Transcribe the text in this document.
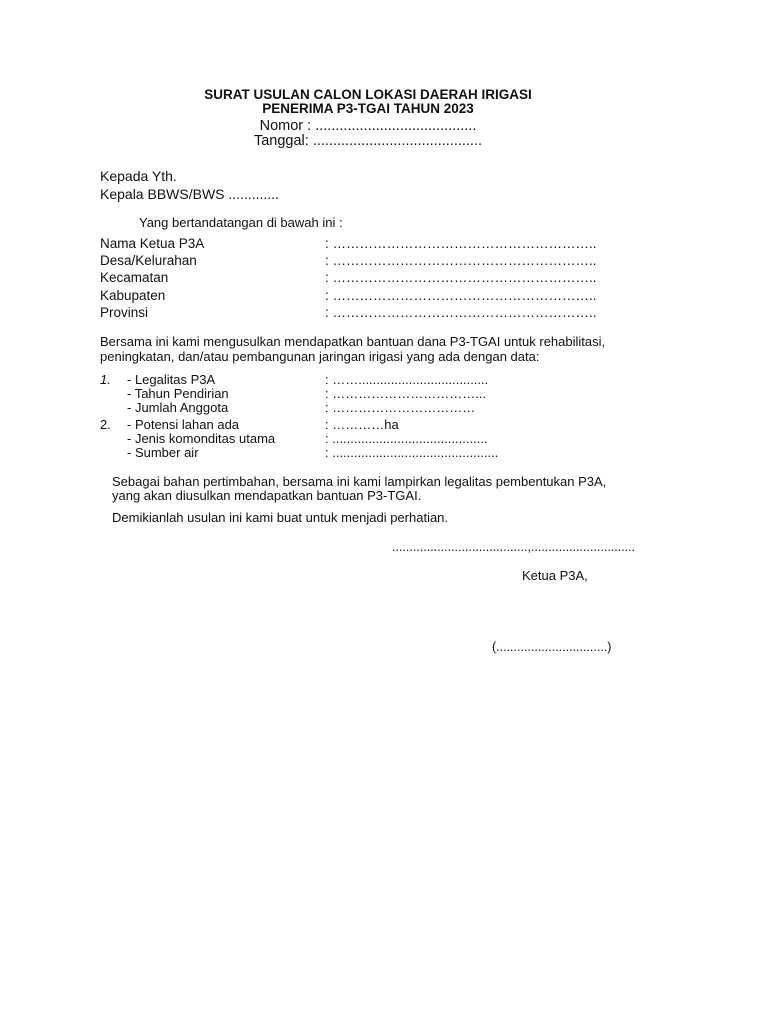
SURAT USULAN CALON LOKASI DAERAH IRIGASI
PENERIMA P3-TGAI TAHUN 2023
Nomor : ........................................
Tanggal: ..........................................
Kepada Yth.
Kepala BBWS/BWS .............
Yang bertandatangan di bawah ini :
Nama Ketua P3A	: …………………………………………………..
Desa/Kelurahan	: …………………………………………………..
Kecamatan	: …………………………………………………..
Kabupaten	: …………………………………………………..
Provinsi	: …………………………………………………..
Bersama ini kami mengusulkan mendapatkan bantuan dana P3-TGAI untuk rehabilitasi,
peningkatan, dan/atau pembangunan jaringan irigasi yang ada dengan data:
1. - Legalitas P3A	: ……....................................
- Tahun Pendirian	: ……………………………...
- Jumlah Anggota	: ……………………………
2. - Potensi lahan ada	: …………ha
- Jenis komonditas utama	: ...........................................
- Sumber air	: ..............................................
Sebagai bahan pertimbahan, bersama ini kami lampirkan legalitas pembentukan P3A,
yang akan diusulkan mendapatkan bantuan P3-TGAI.
Demikianlah usulan ini kami buat untuk menjadi perhatian.
.......................................,..............................
Ketua P3A,
(................................)
